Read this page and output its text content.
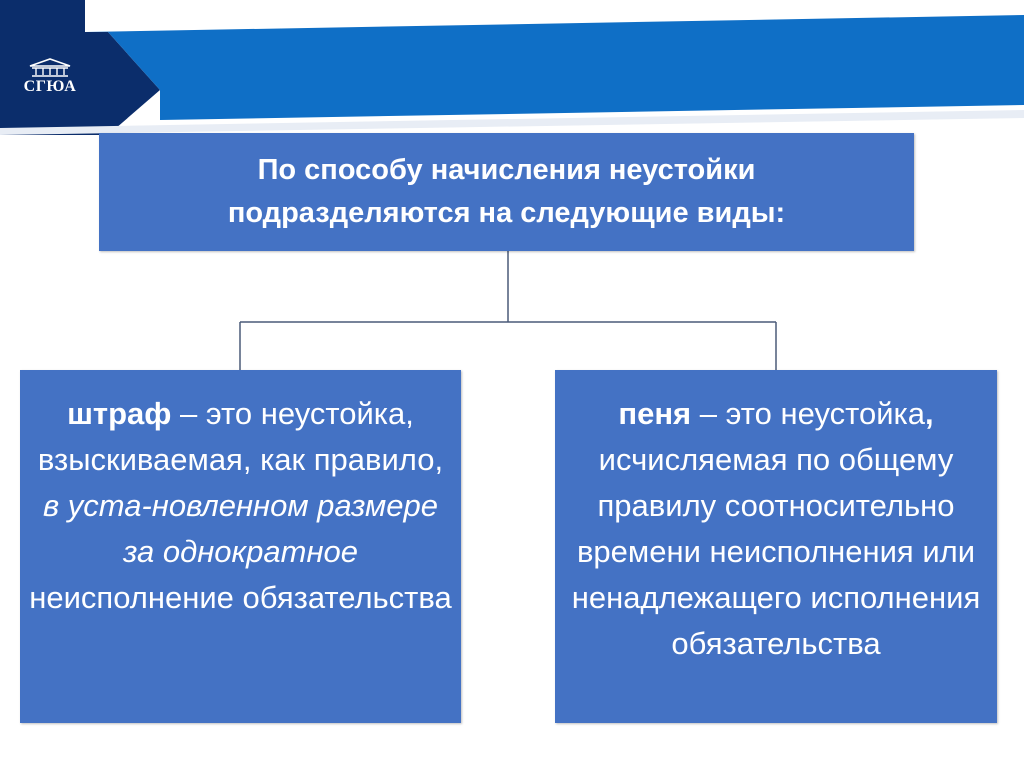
СГЮА
По способу начисления неустойки
подразделяются на следующие виды:
штраф – это неустойка, взыскиваемая, как правило, в уста-новленном размере за однократное неисполнение обязательства
пеня – это неустойка, исчисляемая по общему правилу соотносительно времени неисполнения или ненадлежащего исполнения обязательства
